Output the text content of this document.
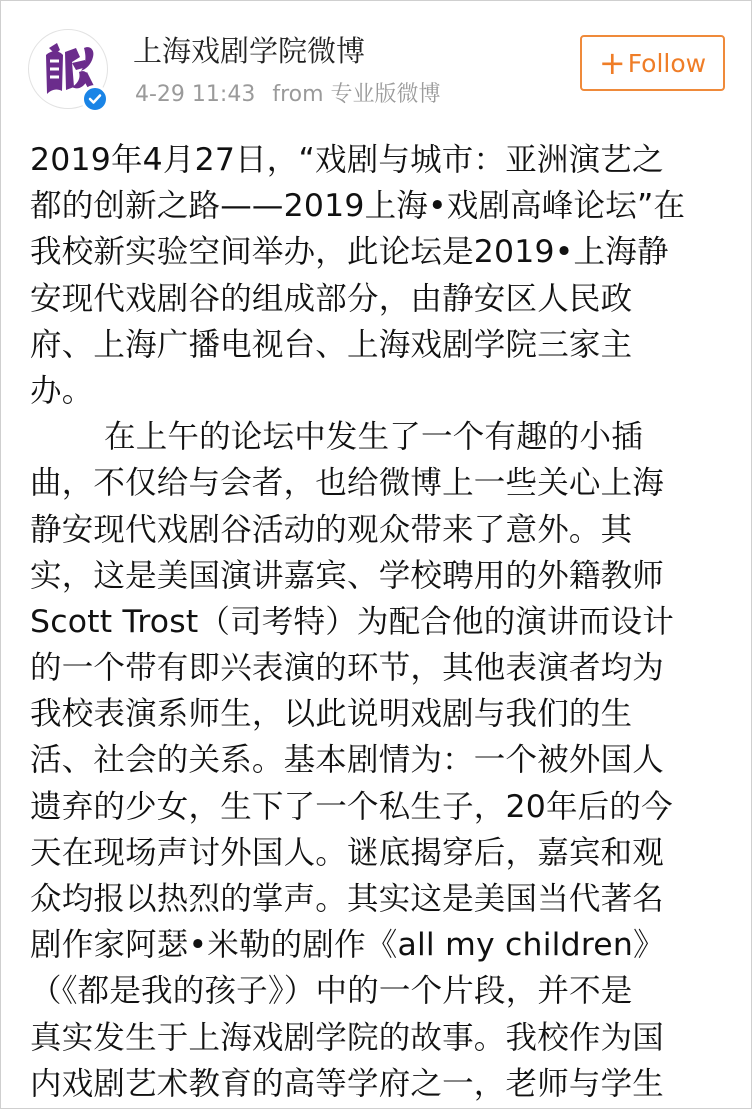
上海戏剧学院微博
4-29 11:43 from 专业版微博
+ Follow
2019年4月27日，“戏剧与城市：亚洲演艺之
都的创新之路——2019上海•戏剧高峰论坛”在
我校新实验空间举办，此论坛是2019•上海静
安现代戏剧谷的组成部分，由静安区人民政
府、上海广播电视台、上海戏剧学院三家主
办。
在上午的论坛中发生了一个有趣的小插
曲，不仅给与会者，也给微博上一些关心上海
静安现代戏剧谷活动的观众带来了意外。其
实，这是美国演讲嘉宾、学校聘用的外籍教师
Scott Trost（司考特）为配合他的演讲而设计
的一个带有即兴表演的环节，其他表演者均为
我校表演系师生，以此说明戏剧与我们的生
活、社会的关系。基本剧情为：一个被外国人
遗弃的少女，生下了一个私生子，20年后的今
天在现场声讨外国人。谜底揭穿后，嘉宾和观
众均报以热烈的掌声。其实这是美国当代著名
剧作家阿瑟•米勒的剧作《all my children》
（《都是我的孩子》）中的一个片段，并不是
真实发生于上海戏剧学院的故事。我校作为国
内戏剧艺术教育的高等学府之一，老师与学生
